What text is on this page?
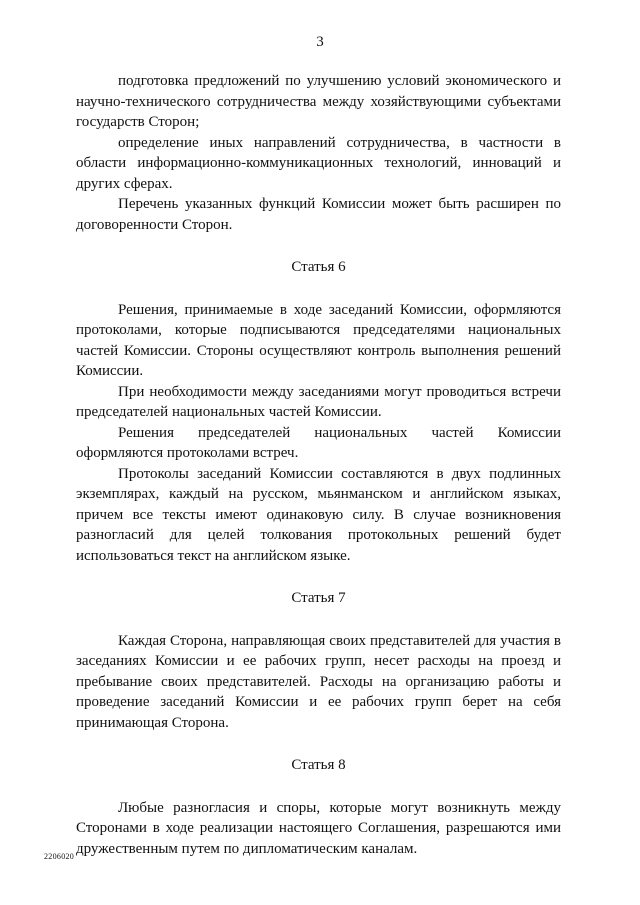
3

подготовка предложений по улучшению условий экономического и научно-технического сотрудничества между хозяйствующими субъектами государств Сторон;

определение иных направлений сотрудничества, в частности в области информационно-коммуникационных технологий, инноваций и других сферах.

Перечень указанных функций Комиссии может быть расширен по договоренности Сторон.

Статья 6

Решения, принимаемые в ходе заседаний Комиссии, оформляются протоколами, которые подписываются председателями национальных частей Комиссии. Стороны осуществляют контроль выполнения решений Комиссии.

При необходимости между заседаниями могут проводиться встречи председателей национальных частей Комиссии.

Решения председателей национальных частей Комиссии оформляются протоколами встреч.

Протоколы заседаний Комиссии составляются в двух подлинных экземплярах, каждый на русском, мьянманском и английском языках, причем все тексты имеют одинаковую силу. В случае возникновения разногласий для целей толкования протокольных решений будет использоваться текст на английском языке.

Статья 7

Каждая Сторона, направляющая своих представителей для участия в заседаниях Комиссии и ее рабочих групп, несет расходы на проезд и пребывание своих представителей. Расходы на организацию работы и проведение заседаний Комиссии и ее рабочих групп берет на себя принимающая Сторона.

Статья 8

Любые разногласия и споры, которые могут возникнуть между Сторонами в ходе реализации настоящего Соглашения, разрешаются ими дружественным путем по дипломатическим каналам.

2206020
